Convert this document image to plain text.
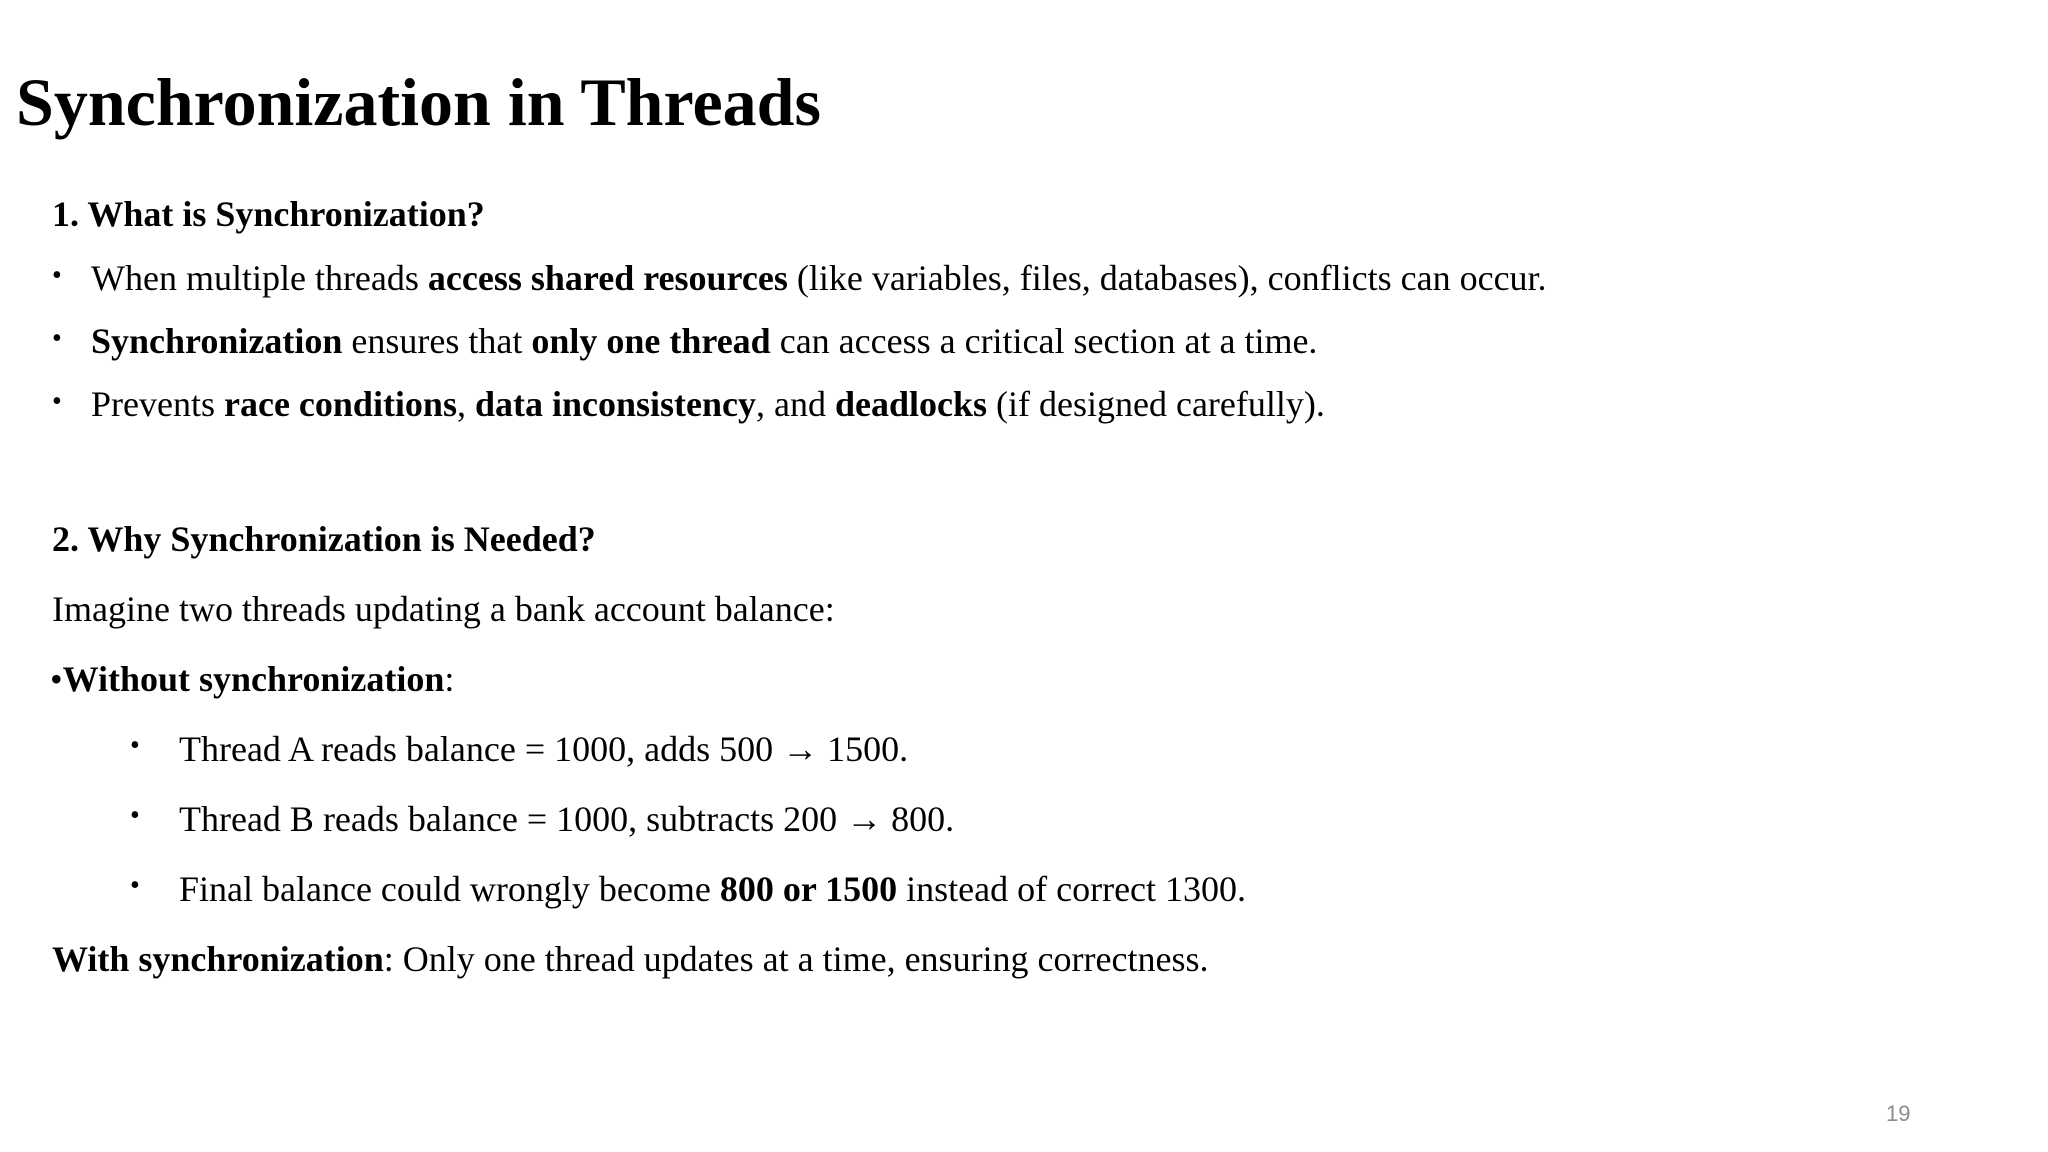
Synchronization in Threads
1. What is Synchronization?
• When multiple threads access shared resources (like variables, files, databases), conflicts can occur.
• Synchronization ensures that only one thread can access a critical section at a time.
• Prevents race conditions, data inconsistency, and deadlocks (if designed carefully).
2. Why Synchronization is Needed?
Imagine two threads updating a bank account balance:
•Without synchronization:
• Thread A reads balance = 1000, adds 500 → 1500.
• Thread B reads balance = 1000, subtracts 200 → 800.
• Final balance could wrongly become 800 or 1500 instead of correct 1300.
With synchronization: Only one thread updates at a time, ensuring correctness.
19
